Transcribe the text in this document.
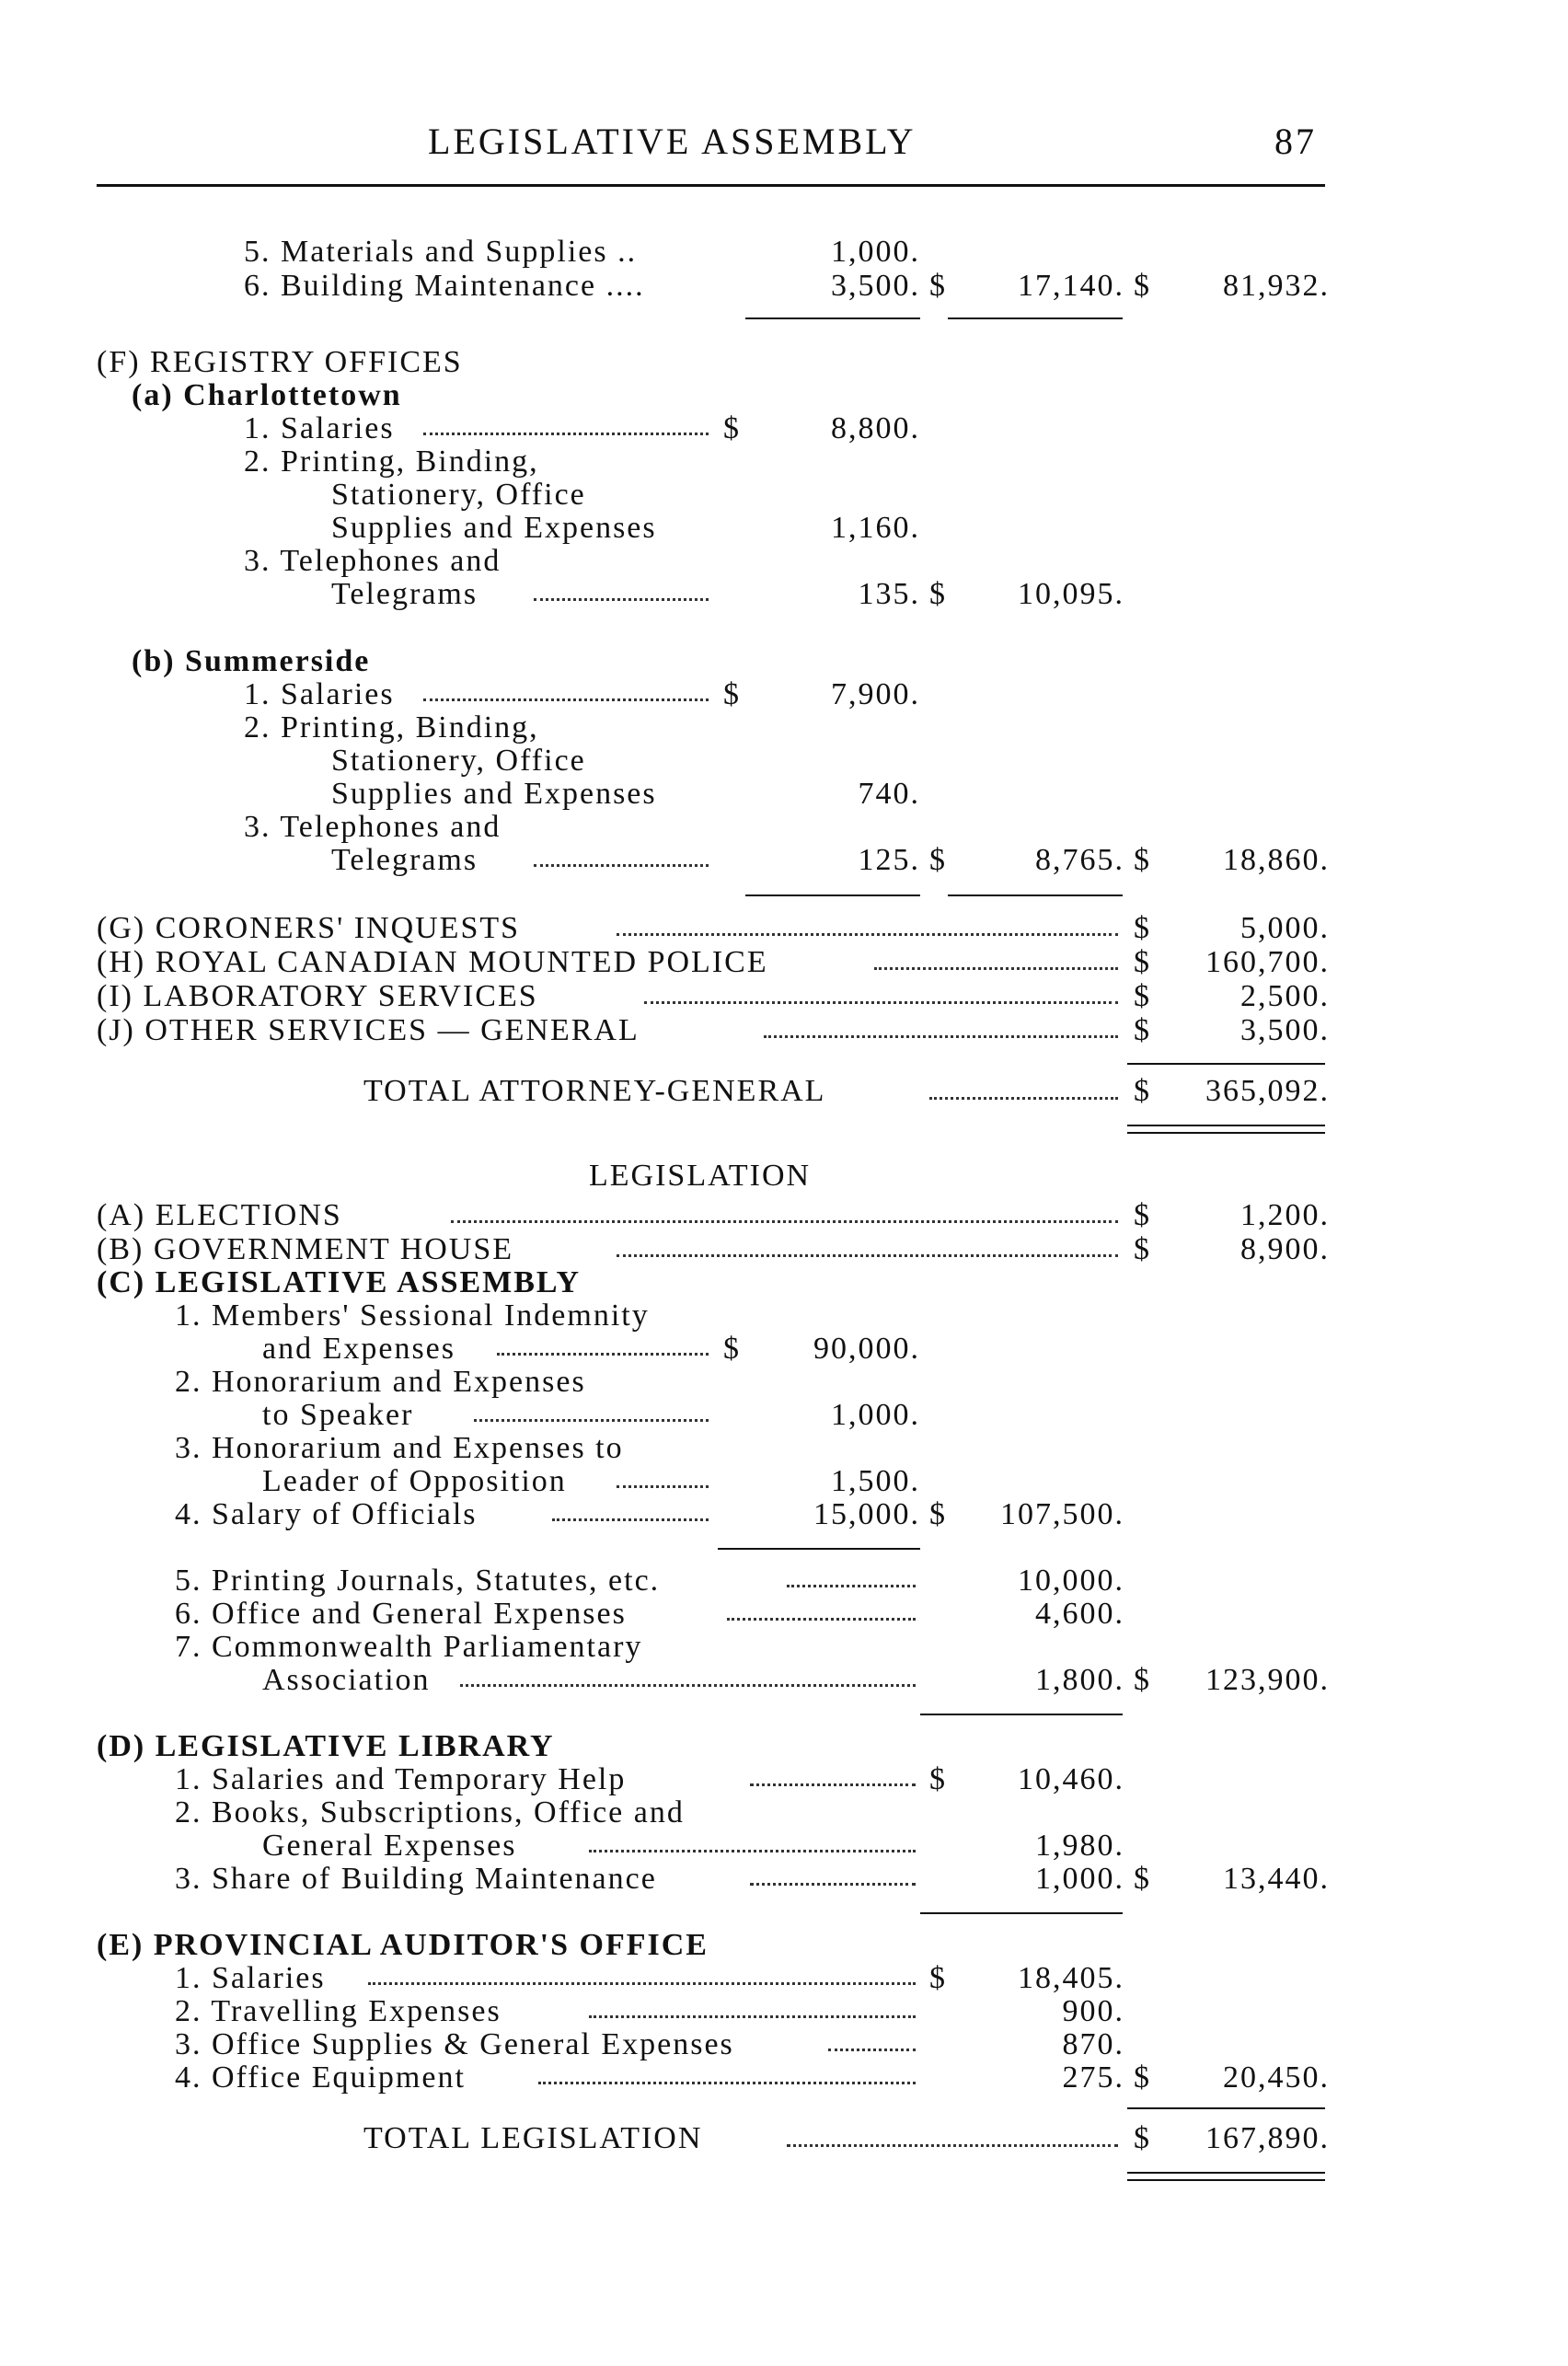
LEGISLATIVE ASSEMBLY	87
5. Materials and Supplies ..	1,000.
6. Building Maintenance ....	3,500. $	17,140. $	81,932.
(F) REGISTRY OFFICES
(a) Charlottetown
1. Salaries	$	8,800.
2. Printing, Binding,
Stationery, Office
Supplies and Expenses	1,160.
3. Telephones and
Telegrams	135. $	10,095.
(b) Summerside
1. Salaries	$	7,900.
2. Printing, Binding,
Stationery, Office
Supplies and Expenses	740.
3. Telephones and
Telegrams	125. $	8,765. $	18,860.
(G) CORONERS' INQUESTS	$	5,000.
(H) ROYAL CANADIAN MOUNTED POLICE	$	160,700.
(I) LABORATORY SERVICES	$	2,500.
(J) OTHER SERVICES — GENERAL	$	3,500.
TOTAL ATTORNEY-GENERAL	$	365,092.
LEGISLATION
(A) ELECTIONS	$	1,200.
(B) GOVERNMENT HOUSE	$	8,900.
(C) LEGISLATIVE ASSEMBLY
1. Members' Sessional Indemnity
and Expenses	$	90,000.
2. Honorarium and Expenses
to Speaker	1,000.
3. Honorarium and Expenses to
Leader of Opposition	1,500.
4. Salary of Officials	15,000. $	107,500.
5. Printing Journals, Statutes, etc.	10,000.
6. Office and General Expenses	4,600.
7. Commonwealth Parliamentary
Association	1,800. $	123,900.
(D) LEGISLATIVE LIBRARY
1. Salaries and Temporary Help	$	10,460.
2. Books, Subscriptions, Office and
General Expenses	1,980.
3. Share of Building Maintenance	1,000. $	13,440.
(E) PROVINCIAL AUDITOR'S OFFICE
1. Salaries	$	18,405.
2. Travelling Expenses	900.
3. Office Supplies & General Expenses	870.
4. Office Equipment	275. $	20,450.
TOTAL LEGISLATION	$	167,890.
